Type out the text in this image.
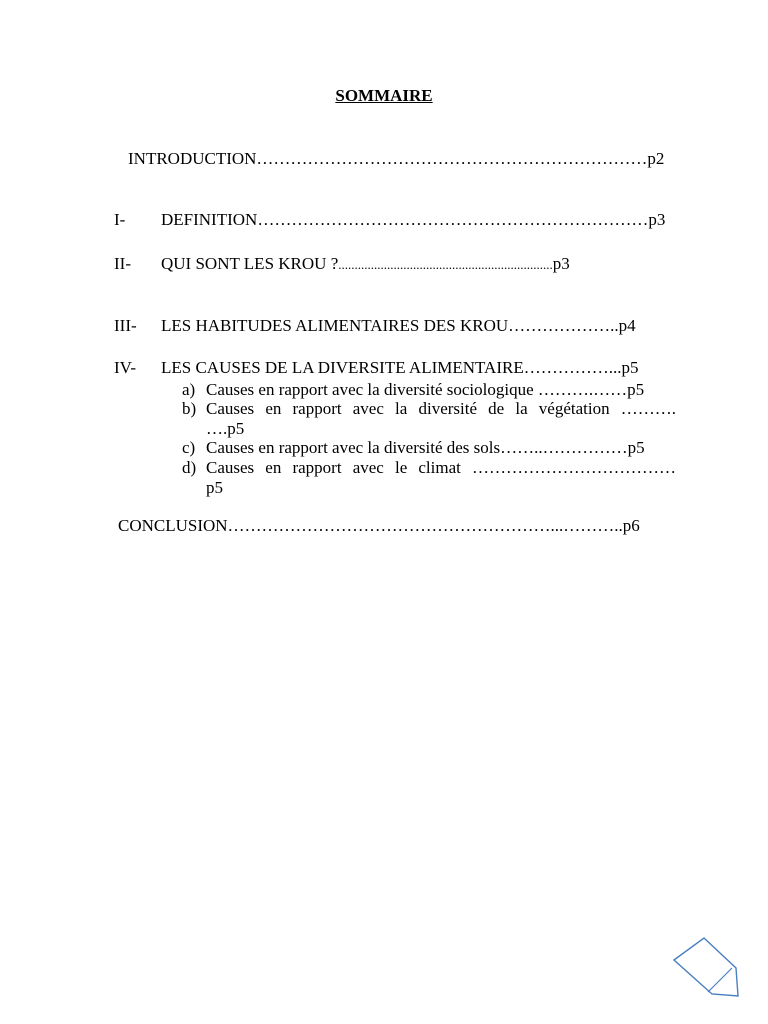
SOMMAIRE
INTRODUCTION……………………………………………………………p2
I- DEFINITION……………………………………………………………p3
II- QUI SONT LES KROU ?..................................................................p3
III- LES HABITUDES ALIMENTAIRES DES KROU………………..p4
IV- LES CAUSES DE LA DIVERSITE ALIMENTAIRE……………...p5
a) Causes en rapport avec la diversité sociologique ……….……p5
b) Causes en rapport avec la diversité de la végétation ……….
….p5
c) Causes en rapport avec la diversité des sols……..……………p5
d) Causes en rapport avec le climat ………………………………
p5
CONCLUSION…………………………………………………...………..p6
